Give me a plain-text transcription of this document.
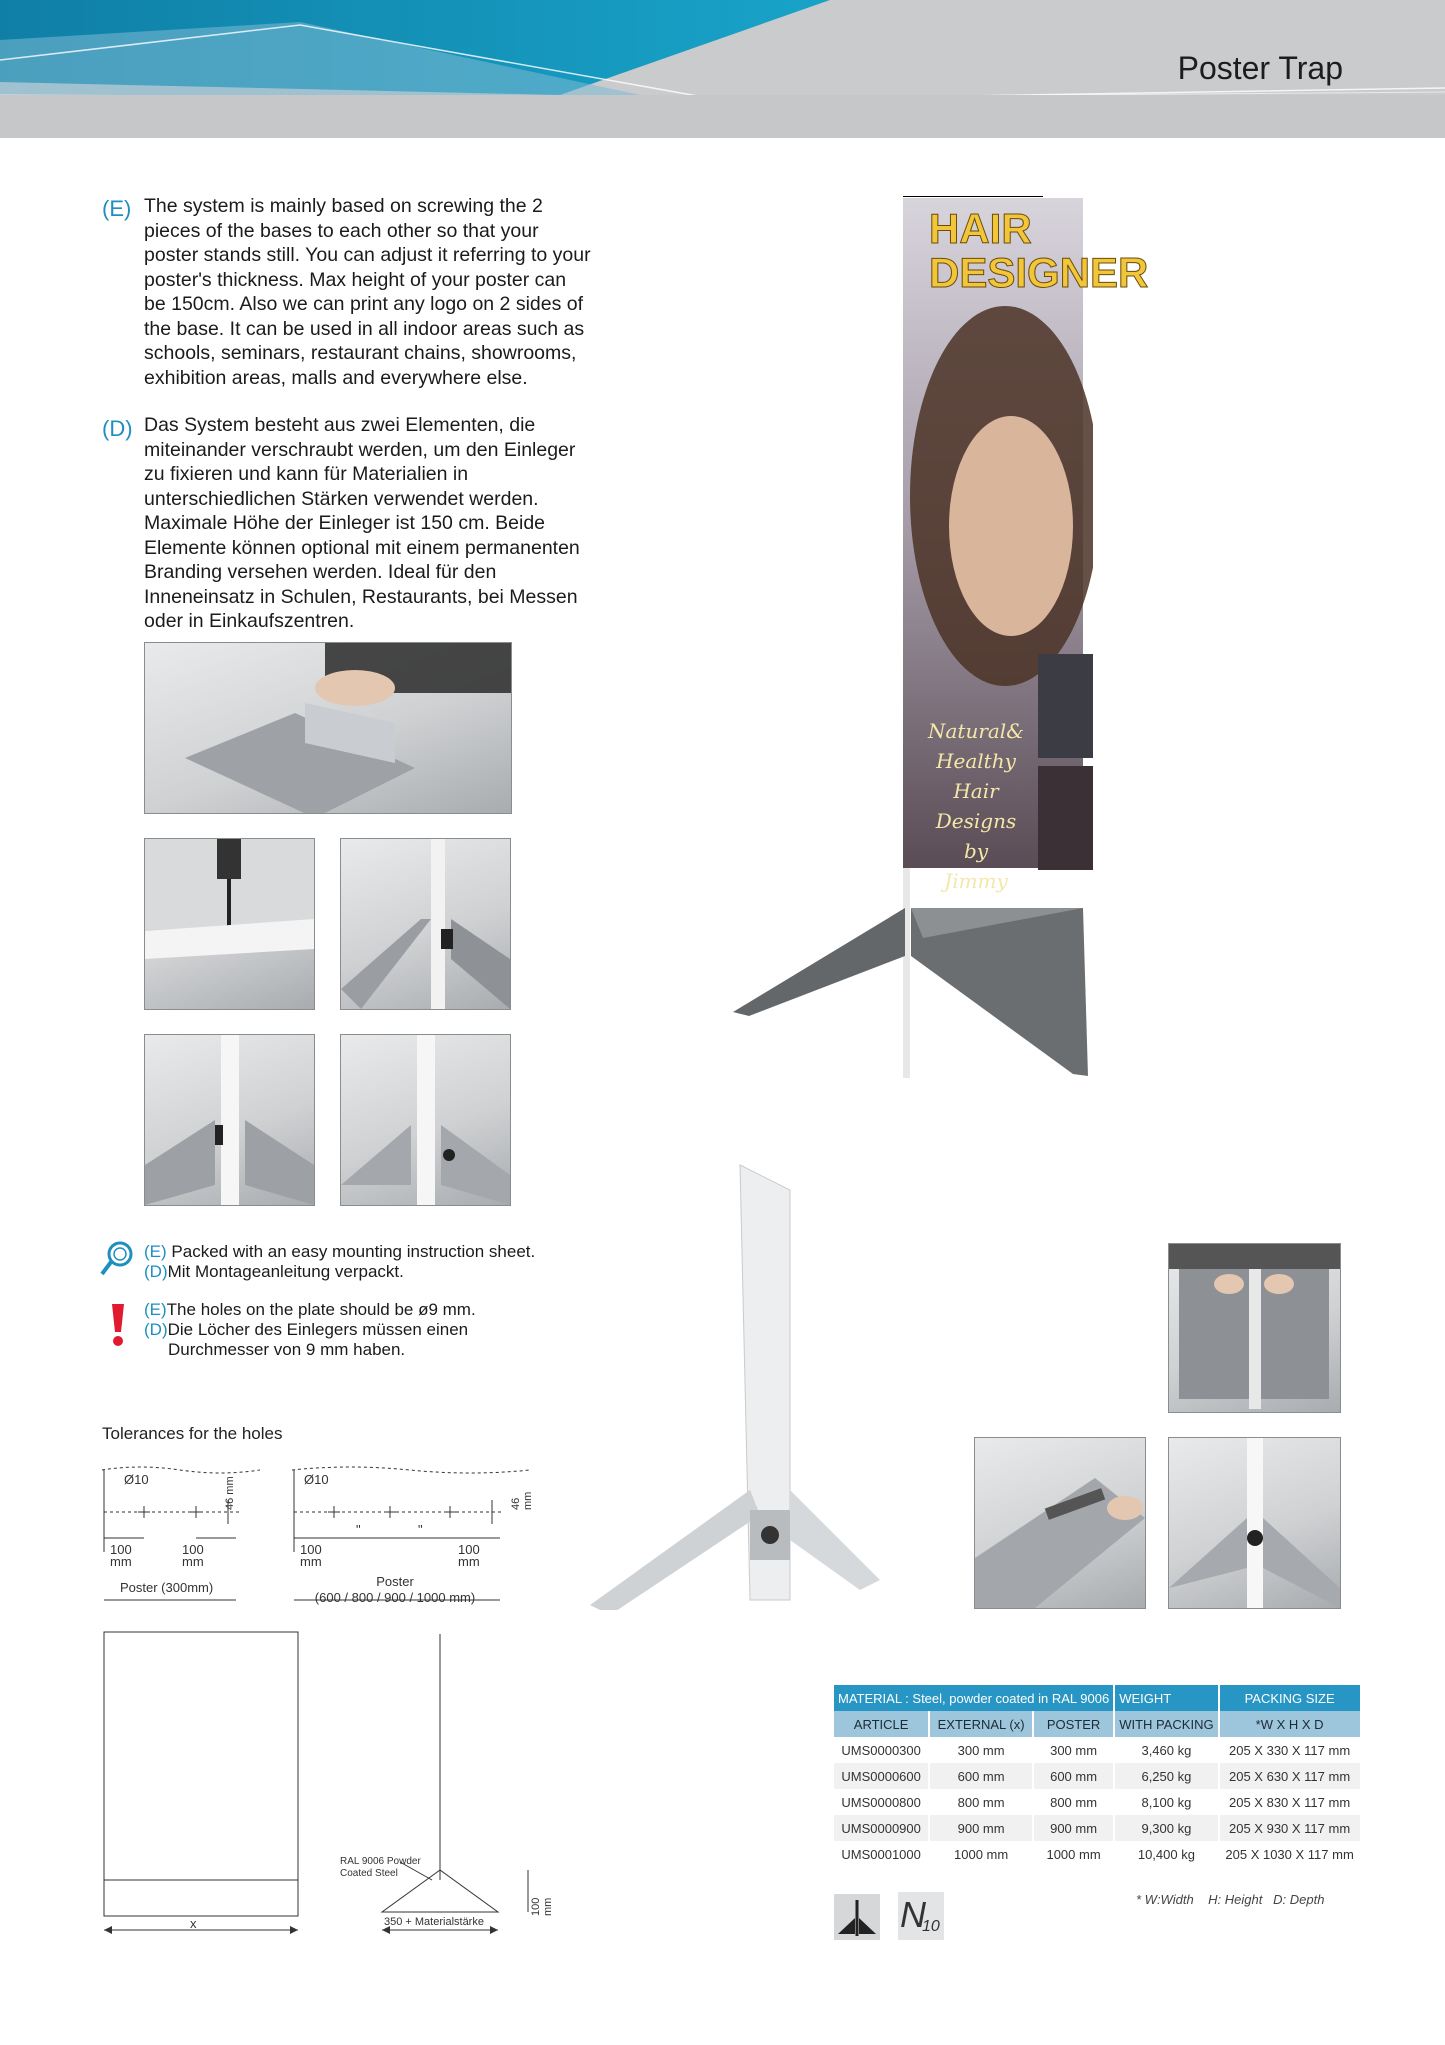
Poster Trap
(E) The system is mainly based on screwing the 2 pieces of the bases to each other so that your poster stands still. You can adjust it referring to your poster's thickness. Max height of your poster can be 150cm. Also we can print any logo on 2 sides of the base. It can be used in all indoor areas such as schools, seminars, restaurant chains, showrooms, exhibition areas, malls and everywhere else.
(D) Das System besteht aus zwei Elementen, die miteinander verschraubt werden, um den Einleger zu fixieren und kann für Materialien in unterschiedlichen Stärken verwendet werden. Maximale Höhe der Einleger ist 150 cm. Beide Elemente können optional mit einem permanenten Branding versehen werden. Ideal für den Inneneinsatz in Schulen, Restaurants, bei Messen oder in Einkaufszentren.
HAIR
DESIGNER
Natural&
Healthy
Hair Designs
by
Jimmy
(E) Packed with an easy mounting instruction sheet.
(D)Mit Montageanleitung verpackt.
(E)The holes on the plate should be ø9 mm.
(D)Die Löcher des Einlegers müssen einen
Durchmesser von 9 mm haben.
Tolerances for the holes
Ø10
100
mm
100
mm
46 mm
Poster (300mm)
Ø10
"	"
100
mm
100
mm
46 mm
Poster
(600 / 800 / 900 / 1000 mm)
x
RAL 9006 Powder
Coated Steel
350 + Materialstärke
100 mm
MATERIAL : Steel, powder coated in RAL 9006			WEIGHT	PACKING SIZE
ARTICLE	EXTERNAL (x)	POSTER	WITH PACKING	*W X H X D
UMS0000300	300 mm	300 mm	3,460 kg	205 X 330 X 117 mm
UMS0000600	600 mm	600 mm	6,250 kg	205 X 630 X 117 mm
UMS0000800	800 mm	800 mm	8,100 kg	205 X 830 X 117 mm
UMS0000900	900 mm	900 mm	9,300 kg	205 X 930 X 117 mm
UMS0001000	1000 mm	1000 mm	10,400 kg	205 X 1030 X 117 mm
* W:Width    H: Height   D: Depth
N
10
